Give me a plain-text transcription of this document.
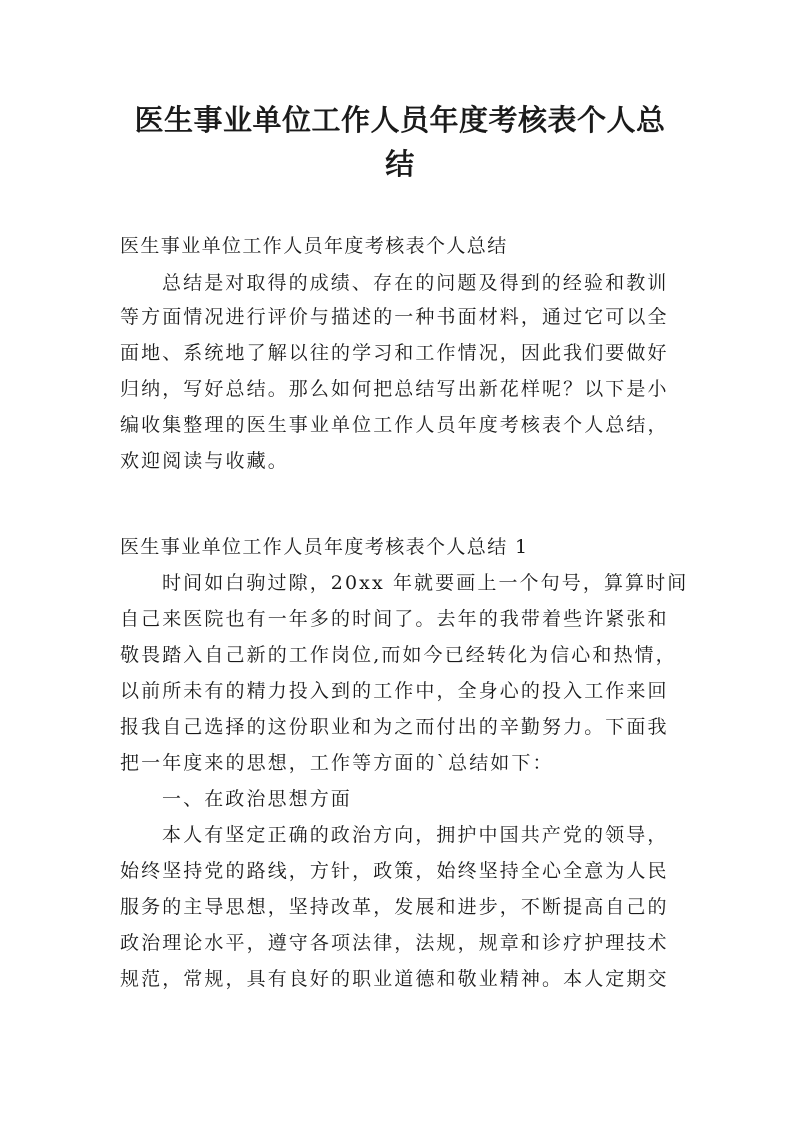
医生事业单位工作人员年度考核表个人总
结
医生事业单位工作人员年度考核表个人总结
总结是对取得的成绩、存在的问题及得到的经验和教训
等方面情况进行评价与描述的一种书面材料，通过它可以全
面地、系统地了解以往的学习和工作情况，因此我们要做好
归纳，写好总结。那么如何把总结写出新花样呢？以下是小
编收集整理的医生事业单位工作人员年度考核表个人总结，
欢迎阅读与收藏。
医生事业单位工作人员年度考核表个人总结 1
时间如白驹过隙，20xx 年就要画上一个句号，算算时间
自己来医院也有一年多的时间了。去年的我带着些许紧张和
敬畏踏入自己新的工作岗位,而如今已经转化为信心和热情，
以前所未有的精力投入到的工作中，全身心的投入工作来回
报我自己选择的这份职业和为之而付出的辛勤努力。下面我
把一年度来的思想，工作等方面的`总结如下：
一、在政治思想方面
本人有坚定正确的政治方向，拥护中国共产党的领导，
始终坚持党的路线，方针，政策，始终坚持全心全意为人民
服务的主导思想，坚持改革，发展和进步，不断提高自己的
政治理论水平，遵守各项法律，法规，规章和诊疗护理技术
规范，常规，具有良好的职业道德和敬业精神。本人定期交
